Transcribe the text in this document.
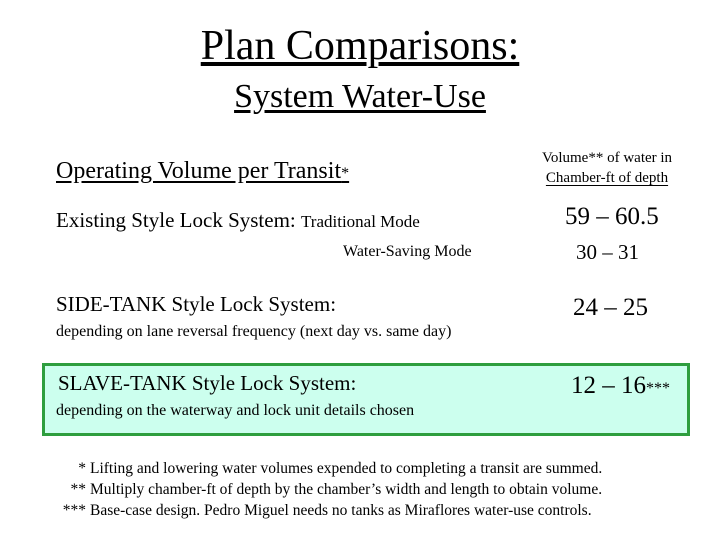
Plan Comparisons:
System Water-Use
Operating Volume per Transit*
Volume** of water in
Chamber-ft of depth
Existing Style Lock System: Traditional Mode	59 – 60.5
Water-Saving Mode	30 – 31
SIDE-TANK Style Lock System:	24 – 25
depending on lane reversal frequency (next day vs. same day)
SLAVE-TANK Style Lock System:	12 – 16***
depending on the waterway and lock unit details chosen
* Lifting and lowering water volumes expended to completing a transit are summed.
** Multiply chamber-ft of depth by the chamber’s width and length to obtain volume.
*** Base-case design. Pedro Miguel needs no tanks as Miraflores water-use controls.
